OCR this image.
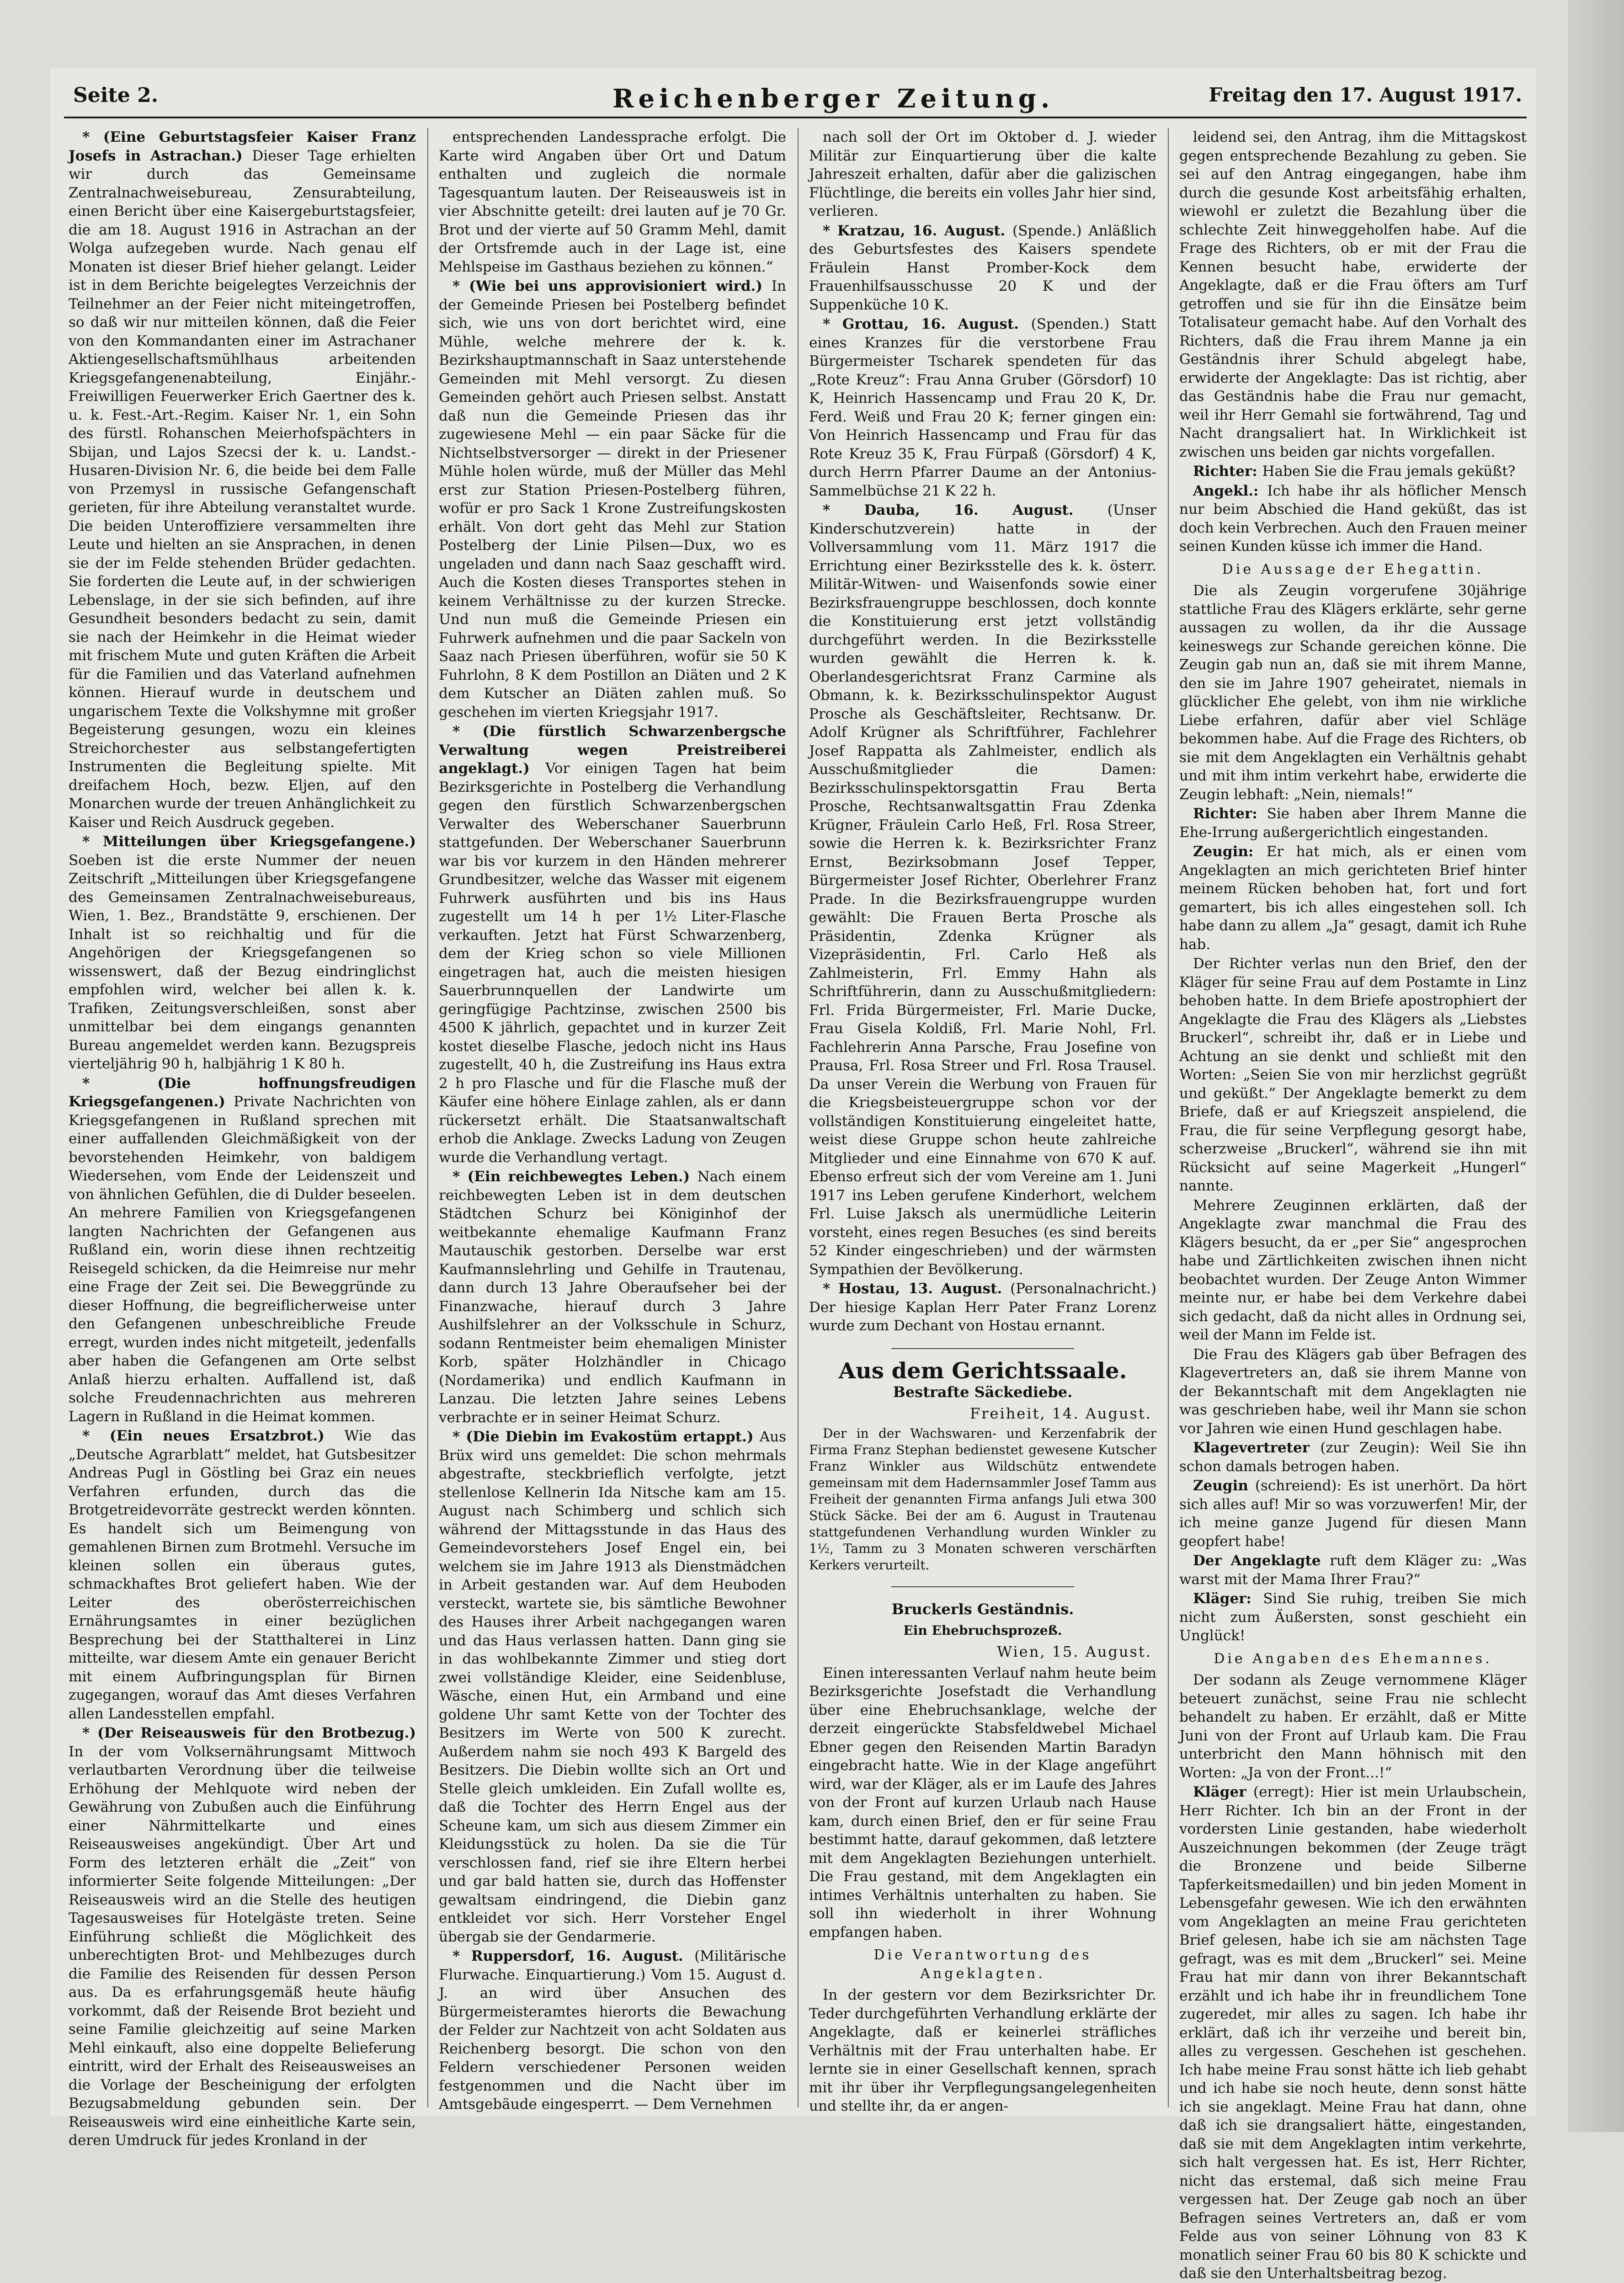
Seite 2.	Reichenberger Zeitung.	Freitag den 17. August 1917.

* (Eine Geburtstagsfeier Kaiser Franz Josefs in Astrachan.) Dieser Tage erhielten wir durch das Gemeinsame Zentralnachweisebureau, Zensurabteilung, einen Bericht über eine Kaisergeburtstagsfeier, die am 18. August 1916 in Astrachan an der Wolga aufzegeben wurde. Nach genau elf Monaten ist dieser Brief hieher gelangt. Leider ist in dem Berichte beigelegtes Verzeichnis der Teilnehmer an der Feier nicht miteingetroffen, so daß wir nur mitteilen können, daß die Feier von den Kommandanten einer im Astrachaner Aktiengesellschaftsmühlhaus arbeitenden Kriegsgefangenenabteilung, Einjähr.-Freiwilligen Feuerwerker Erich Gaertner des k. u. k. Fest.-Art.-Regim. Kaiser Nr. 1, ein Sohn des fürstl. Rohanschen Meierhofspächters in Sbijan, und Lajos Szecsi der k. u. Landst.-Husaren-Division Nr. 6, die beide bei dem Falle von Przemysl in russische Gefangenschaft gerieten, für ihre Abteilung veranstaltet wurde. Die beiden Unteroffiziere versammelten ihre Leute und hielten an sie Ansprachen, in denen sie der im Felde stehenden Brüder gedachten. Sie forderten die Leute auf, in der schwierigen Lebenslage, in der sie sich befinden, auf ihre Gesundheit besonders bedacht zu sein, damit sie nach der Heimkehr in die Heimat wieder mit frischem Mute und guten Kräften die Arbeit für die Familien und das Vaterland aufnehmen können. Hierauf wurde in deutschem und ungarischem Texte die Volkshymne mit großer Begeisterung gesungen, wozu ein kleines Streichorchester aus selbstangefertigten Instrumenten die Begleitung spielte. Mit dreifachem Hoch, bezw. Eljen, auf den Monarchen wurde der treuen Anhänglichkeit zu Kaiser und Reich Ausdruck gegeben.

* Mitteilungen über Kriegsgefangene.) Soeben ist die erste Nummer der neuen Zeitschrift „Mitteilungen über Kriegsgefangene des Gemeinsamen Zentralnachweisebureaus, Wien, 1. Bez., Brandstätte 9, erschienen. Der Inhalt ist so reichhaltig und für die Angehörigen der Kriegsgefangenen so wissenswert, daß der Bezug eindringlichst empfohlen wird, welcher bei allen k. k. Trafiken, Zeitungsverschleißen, sonst aber unmittelbar bei dem eingangs genannten Bureau angemeldet werden kann. Bezugspreis vierteljährig 90 h, halbjährig 1 K 80 h.

* (Die hoffnungsfreudigen Kriegsgefangenen.) Private Nachrichten von Kriegsgefangenen in Rußland sprechen mit einer auffallenden Gleichmäßigkeit von der bevorstehenden Heimkehr, von baldigem Wiedersehen, vom Ende der Leidenszeit und von ähnlichen Gefühlen, die di Dulder beseelen. An mehrere Familien von Kriegsgefangenen langten Nachrichten der Gefangenen aus Rußland ein, worin diese ihnen rechtzeitig Reisegeld schicken, da die Heimreise nur mehr eine Frage der Zeit sei. Die Beweggründe zu dieser Hoffnung, die begreiflicherweise unter den Gefangenen unbeschreibliche Freude erregt, wurden indes nicht mitgeteilt, jedenfalls aber haben die Gefangenen am Orte selbst Anlaß hierzu erhalten. Auffallend ist, daß solche Freudennachrichten aus mehreren Lagern in Rußland in die Heimat kommen.

* (Ein neues Ersatzbrot.) Wie das „Deutsche Agrarblatt“ meldet, hat Gutsbesitzer Andreas Pugl in Göstling bei Graz ein neues Verfahren erfunden, durch das die Brotgetreidevorräte gestreckt werden könnten. Es handelt sich um Beimengung von gemahlenen Birnen zum Brotmehl. Versuche im kleinen sollen ein überaus gutes, schmackhaftes Brot geliefert haben. Wie der Leiter des oberösterreichischen Ernährungsamtes in einer bezüglichen Besprechung bei der Statthalterei in Linz mitteilte, war diesem Amte ein genauer Bericht mit einem Aufbringungsplan für Birnen zugegangen, worauf das Amt dieses Verfahren allen Landesstellen empfahl.

* (Der Reiseausweis für den Brotbezug.) In der vom Volksernährungsamt Mittwoch verlautbarten Verordnung über die teilweise Erhöhung der Mehlquote wird neben der Gewährung von Zubußen auch die Einführung einer Nährmittelkarte und eines Reiseausweises angekündigt. Über Art und Form des letzteren erhält die „Zeit“ von informierter Seite folgende Mitteilungen: „Der Reiseausweis wird an die Stelle des heutigen Tagesausweises für Hotelgäste treten. Seine Einführung schließt die Möglichkeit des unberechtigten Brot- und Mehlbezuges durch die Familie des Reisenden für dessen Person aus. Da es erfahrungsgemäß heute häufig vorkommt, daß der Reisende Brot bezieht und seine Familie gleichzeitig auf seine Marken Mehl einkauft, also eine doppelte Belieferung eintritt, wird der Erhalt des Reiseausweises an die Vorlage der Bescheinigung der erfolgten Bezugsabmeldung gebunden sein. Der Reiseausweis wird eine einheitliche Karte sein, deren Umdruck für jedes Kronland in der

entsprechenden Landessprache erfolgt. Die Karte wird Angaben über Ort und Datum enthalten und zugleich die normale Tagesquantum lauten. Der Reiseausweis ist in vier Abschnitte geteilt: drei lauten auf je 70 Gr. Brot und der vierte auf 50 Gramm Mehl, damit der Ortsfremde auch in der Lage ist, eine Mehlspeise im Gasthaus beziehen zu können.“

* (Wie bei uns approvisioniert wird.) In der Gemeinde Priesen bei Postelberg befindet sich, wie uns von dort berichtet wird, eine Mühle, welche mehrere der k. k. Bezirkshauptmannschaft in Saaz unterstehende Gemeinden mit Mehl versorgt. Zu diesen Gemeinden gehört auch Priesen selbst. Anstatt daß nun die Gemeinde Priesen das ihr zugewiesene Mehl — ein paar Säcke für die Nichtselbstversorger — direkt in der Priesener Mühle holen würde, muß der Müller das Mehl erst zur Station Priesen-Postelberg führen, wofür er pro Sack 1 Krone Zustreifungskosten erhält. Von dort geht das Mehl zur Station Postelberg der Linie Pilsen—Dux, wo es ungeladen und dann nach Saaz geschafft wird. Auch die Kosten dieses Transportes stehen in keinem Verhältnisse zu der kurzen Strecke. Und nun muß die Gemeinde Priesen ein Fuhrwerk aufnehmen und die paar Sackeln von Saaz nach Priesen überführen, wofür sie 50 K Fuhrlohn, 8 K dem Postillon an Diäten und 2 K dem Kutscher an Diäten zahlen muß. So geschehen im vierten Kriegsjahr 1917.

* (Die fürstlich Schwarzenbergsche Verwaltung wegen Preistreiberei angeklagt.) Vor einigen Tagen hat beim Bezirksgerichte in Postelberg die Verhandlung gegen den fürstlich Schwarzenbergschen Verwalter des Weberschaner Sauerbrunn stattgefunden. Der Weberschaner Sauerbrunn war bis vor kurzem in den Händen mehrerer Grundbesitzer, welche das Wasser mit eigenem Fuhrwerk ausführten und bis ins Haus zugestellt um 14 h per 1½ Liter-Flasche verkauften. Jetzt hat Fürst Schwarzenberg, dem der Krieg schon so viele Millionen eingetragen hat, auch die meisten hiesigen Sauerbrunnquellen der Landwirte um geringfügige Pachtzinse, zwischen 2500 bis 4500 K jährlich, gepachtet und in kurzer Zeit kostet dieselbe Flasche, jedoch nicht ins Haus zugestellt, 40 h, die Zustreifung ins Haus extra 2 h pro Flasche und für die Flasche muß der Käufer eine höhere Einlage zahlen, als er dann rückersetzt erhält. Die Staatsanwaltschaft erhob die Anklage. Zwecks Ladung von Zeugen wurde die Verhandlung vertagt.

* (Ein reichbewegtes Leben.) Nach einem reichbewegten Leben ist in dem deutschen Städtchen Schurz bei Königinhof der weitbekannte ehemalige Kaufmann Franz Mautauschik gestorben. Derselbe war erst Kaufmannslehrling und Gehilfe in Trautenau, dann durch 13 Jahre Oberaufseher bei der Finanzwache, hierauf durch 3 Jahre Aushilfslehrer an der Volksschule in Schurz, sodann Rentmeister beim ehemaligen Minister Korb, später Holzhändler in Chicago (Nordamerika) und endlich Kaufmann in Lanzau. Die letzten Jahre seines Lebens verbrachte er in seiner Heimat Schurz.

* (Die Diebin im Evakostüm ertappt.) Aus Brüx wird uns gemeldet: Die schon mehrmals abgestrafte, steckbrieflich verfolgte, jetzt stellenlose Kellnerin Ida Nitsche kam am 15. August nach Schimberg und schlich sich während der Mittagsstunde in das Haus des Gemeindevorstehers Josef Engel ein, bei welchem sie im Jahre 1913 als Dienstmädchen in Arbeit gestanden war. Auf dem Heuboden versteckt, wartete sie, bis sämtliche Bewohner des Hauses ihrer Arbeit nachgegangen waren und das Haus verlassen hatten. Dann ging sie in das wohlbekannte Zimmer und stieg dort zwei vollständige Kleider, eine Seidenbluse, Wäsche, einen Hut, ein Armband und eine goldene Uhr samt Kette von der Tochter des Besitzers im Werte von 500 K zurecht. Außerdem nahm sie noch 493 K Bargeld des Besitzers. Die Diebin wollte sich an Ort und Stelle gleich umkleiden. Ein Zufall wollte es, daß die Tochter des Herrn Engel aus der Scheune kam, um sich aus diesem Zimmer ein Kleidungsstück zu holen. Da sie die Tür verschlossen fand, rief sie ihre Eltern herbei und gar bald hatten sie, durch das Hoffenster gewaltsam eindringend, die Diebin ganz entkleidet vor sich. Herr Vorsteher Engel übergab sie der Gendarmerie.

* Ruppersdorf, 16. August. (Militärische Flurwache. Einquartierung.) Vom 15. August d. J. an wird über Ansuchen des Bürgermeisteramtes hierorts die Bewachung der Felder zur Nachtzeit von acht Soldaten aus Reichenberg besorgt. Die schon von den Feldern verschiedener Personen weiden festgenommen und die Nacht über im Amtsgebäude eingesperrt. — Dem Vernehmen

nach soll der Ort im Oktober d. J. wieder Militär zur Einquartierung über die kalte Jahreszeit erhalten, dafür aber die galizischen Flüchtlinge, die bereits ein volles Jahr hier sind, verlieren.

* Kratzau, 16. August. (Spende.) Anläßlich des Geburtsfestes des Kaisers spendete Fräulein Hanst Promber-Kock dem Frauenhilfsausschusse 20 K und der Suppenküche 10 K.

* Grottau, 16. August. (Spenden.) Statt eines Kranzes für die verstorbene Frau Bürgermeister Tscharek spendeten für das „Rote Kreuz“: Frau Anna Gruber (Görsdorf) 10 K, Heinrich Hassencamp und Frau 20 K, Dr. Ferd. Weiß und Frau 20 K; ferner gingen ein: Von Heinrich Hassencamp und Frau für das Rote Kreuz 35 K, Frau Fürpaß (Görsdorf) 4 K, durch Herrn Pfarrer Daume an der Antonius-Sammelbüchse 21 K 22 h.

* Dauba, 16. August. (Unser Kinderschutzverein) hatte in der Vollversammlung vom 11. März 1917 die Errichtung einer Bezirksstelle des k. k. österr. Militär-Witwen- und Waisenfonds sowie einer Bezirksfrauengruppe beschlossen, doch konnte die Konstituierung erst jetzt vollständig durchgeführt werden. In die Bezirksstelle wurden gewählt die Herren k. k. Oberlandesgerichtsrat Franz Carmine als Obmann, k. k. Bezirksschulinspektor August Prosche als Geschäftsleiter, Rechtsanw. Dr. Adolf Krügner als Schriftführer, Fachlehrer Josef Rappatta als Zahlmeister, endlich als Ausschußmitglieder die Damen: Bezirksschulinspektorsgattin Frau Berta Prosche, Rechtsanwaltsgattin Frau Zdenka Krügner, Fräulein Carlo Heß, Frl. Rosa Streer, sowie die Herren k. k. Bezirksrichter Franz Ernst, Bezirksobmann Josef Tepper, Bürgermeister Josef Richter, Oberlehrer Franz Prade. In die Bezirksfrauengruppe wurden gewählt: Die Frauen Berta Prosche als Präsidentin, Zdenka Krügner als Vizepräsidentin, Frl. Carlo Heß als Zahlmeisterin, Frl. Emmy Hahn als Schriftführerin, dann zu Ausschußmitgliedern: Frl. Frida Bürgermeister, Frl. Marie Ducke, Frau Gisela Koldiß, Frl. Marie Nohl, Frl. Fachlehrerin Anna Parsche, Frau Josefine von Prausa, Frl. Rosa Streer und Frl. Rosa Trausel. Da unser Verein die Werbung von Frauen für die Kriegsbeisteuergruppe schon vor der vollständigen Konstituierung eingeleitet hatte, weist diese Gruppe schon heute zahlreiche Mitglieder und eine Einnahme von 670 K auf. Ebenso erfreut sich der vom Vereine am 1. Juni 1917 ins Leben gerufene Kinderhort, welchem Frl. Luise Jaksch als unermüdliche Leiterin vorsteht, eines regen Besuches (es sind bereits 52 Kinder eingeschrieben) und der wärmsten Sympathien der Bevölkerung.

* Hostau, 13. August. (Personalnachricht.) Der hiesige Kaplan Herr Pater Franz Lorenz wurde zum Dechant von Hostau ernannt.

Aus dem Gerichtssaale.
Bestrafte Säckediebe.
Freiheit, 14. August.

Der in der Wachswaren- und Kerzenfabrik der Firma Franz Stephan bedienstet gewesene Kutscher Franz Winkler aus Wildschütz entwendete gemeinsam mit dem Hadernsammler Josef Tamm aus Freiheit der genannten Firma anfangs Juli etwa 300 Stück Säcke. Bei der am 6. August in Trautenau stattgefundenen Verhandlung wurden Winkler zu 1½, Tamm zu 3 Monaten schweren verschärften Kerkers verurteilt.

Bruckerls Geständnis.
Ein Ehebruchsprozeß.
Wien, 15. August.

Einen interessanten Verlauf nahm heute beim Bezirksgerichte Josefstadt die Verhandlung über eine Ehebruchsanklage, welche der derzeit eingerückte Stabsfeldwebel Michael Ebner gegen den Reisenden Martin Baradyn eingebracht hatte. Wie in der Klage angeführt wird, war der Kläger, als er im Laufe des Jahres von der Front auf kurzen Urlaub nach Hause kam, durch einen Brief, den er für seine Frau bestimmt hatte, darauf gekommen, daß letztere mit dem Angeklagten Beziehungen unterhielt. Die Frau gestand, mit dem Angeklagten ein intimes Verhältnis unterhalten zu haben. Sie soll ihn wiederholt in ihrer Wohnung empfangen haben.

Die Verantwortung des Angeklagten.

In der gestern vor dem Bezirksrichter Dr. Teder durchgeführten Verhandlung erklärte der Angeklagte, daß er keinerlei sträfliches Verhältnis mit der Frau unterhalten habe. Er lernte sie in einer Gesellschaft kennen, sprach mit ihr über ihr Verpflegungsangelegenheiten und stellte ihr, da er angen-

leidend sei, den Antrag, ihm die Mittagskost gegen entsprechende Bezahlung zu geben. Sie sei auf den Antrag eingegangen, habe ihm durch die gesunde Kost arbeitsfähig erhalten, wiewohl er zuletzt die Bezahlung über die schlechte Zeit hinweggeholfen habe. Auf die Frage des Richters, ob er mit der Frau die Kennen besucht habe, erwiderte der Angeklagte, daß er die Frau öfters am Turf getroffen und sie für ihn die Einsätze beim Totalisateur gemacht habe. Auf den Vorhalt des Richters, daß die Frau ihrem Manne ja ein Geständnis ihrer Schuld abgelegt habe, erwiderte der Angeklagte: Das ist richtig, aber das Geständnis habe die Frau nur gemacht, weil ihr Herr Gemahl sie fortwährend, Tag und Nacht drangsaliert hat. In Wirklichkeit ist zwischen uns beiden gar nichts vorgefallen.

Richter: Haben Sie die Frau jemals geküßt?

Angekl.: Ich habe ihr als höflicher Mensch nur beim Abschied die Hand geküßt, das ist doch kein Verbrechen. Auch den Frauen meiner seinen Kunden küsse ich immer die Hand.

Die Aussage der Ehegattin.

Die als Zeugin vorgerufene 30jährige stattliche Frau des Klägers erklärte, sehr gerne aussagen zu wollen, da ihr die Aussage keineswegs zur Schande gereichen könne. Die Zeugin gab nun an, daß sie mit ihrem Manne, den sie im Jahre 1907 geheiratet, niemals in glücklicher Ehe gelebt, von ihm nie wirkliche Liebe erfahren, dafür aber viel Schläge bekommen habe. Auf die Frage des Richters, ob sie mit dem Angeklagten ein Verhältnis gehabt und mit ihm intim verkehrt habe, erwiderte die Zeugin lebhaft: „Nein, niemals!“

Richter: Sie haben aber Ihrem Manne die Ehe-Irrung außergerichtlich eingestanden.

Zeugin: Er hat mich, als er einen vom Angeklagten an mich gerichteten Brief hinter meinem Rücken behoben hat, fort und fort gemartert, bis ich alles eingestehen soll. Ich habe dann zu allem „Ja“ gesagt, damit ich Ruhe hab.

Der Richter verlas nun den Brief, den der Kläger für seine Frau auf dem Postamte in Linz behoben hatte. In dem Briefe apostrophiert der Angeklagte die Frau des Klägers als „Liebstes Bruckerl“, schreibt ihr, daß er in Liebe und Achtung an sie denkt und schließt mit den Worten: „Seien Sie von mir herzlichst gegrüßt und geküßt.“ Der Angeklagte bemerkt zu dem Briefe, daß er auf Kriegszeit anspielend, die Frau, die für seine Verpflegung gesorgt habe, scherzweise „Bruckerl“, während sie ihn mit Rücksicht auf seine Magerkeit „Hungerl“ nannte.

Mehrere Zeuginnen erklärten, daß der Angeklagte zwar manchmal die Frau des Klägers besucht, da er „per Sie“ angesprochen habe und Zärtlichkeiten zwischen ihnen nicht beobachtet wurden. Der Zeuge Anton Wimmer meinte nur, er habe bei dem Verkehre dabei sich gedacht, daß da nicht alles in Ordnung sei, weil der Mann im Felde ist.

Die Frau des Klägers gab über Befragen des Klagevertreters an, daß sie ihrem Manne von der Bekanntschaft mit dem Angeklagten nie was geschrieben habe, weil ihr Mann sie schon vor Jahren wie einen Hund geschlagen habe.

Klagevertreter (zur Zeugin): Weil Sie ihn schon damals betrogen haben.

Zeugin (schreiend): Es ist unerhört. Da hört sich alles auf! Mir so was vorzuwerfen! Mir, der ich meine ganze Jugend für diesen Mann geopfert habe!

Der Angeklagte ruft dem Kläger zu: „Was warst mit der Mama Ihrer Frau?“

Kläger: Sind Sie ruhig, treiben Sie mich nicht zum Äußersten, sonst geschieht ein Unglück!

Die Angaben des Ehemannes.

Der sodann als Zeuge vernommene Kläger beteuert zunächst, seine Frau nie schlecht behandelt zu haben. Er erzählt, daß er Mitte Juni von der Front auf Urlaub kam. Die Frau unterbricht den Mann höhnisch mit den Worten: „Ja von der Front...!“

Kläger (erregt): Hier ist mein Urlaubschein, Herr Richter. Ich bin an der Front in der vordersten Linie gestanden, habe wiederholt Auszeichnungen bekommen (der Zeuge trägt die Bronzene und beide Silberne Tapferkeitsmedaillen) und bin jeden Moment in Lebensgefahr gewesen. Wie ich den erwähnten vom Angeklagten an meine Frau gerichteten Brief gelesen, habe ich sie am nächsten Tage gefragt, was es mit dem „Bruckerl“ sei. Meine Frau hat mir dann von ihrer Bekanntschaft erzählt und ich habe ihr in freundlichem Tone zugeredet, mir alles zu sagen. Ich habe ihr erklärt, daß ich ihr verzeihe und bereit bin, alles zu vergessen. Geschehen ist geschehen. Ich habe meine Frau sonst hätte ich lieb gehabt und ich habe sie noch heute, denn sonst hätte ich sie angeklagt. Meine Frau hat dann, ohne daß ich sie drangsaliert hätte, eingestanden, daß sie mit dem Angeklagten intim verkehrte, sich halt vergessen hat. Es ist, Herr Richter, nicht das erstemal, daß sich meine Frau vergessen hat. Der Zeuge gab noch an über Befragen seines Vertreters an, daß er vom Felde aus von seiner Löhnung von 83 K monatlich seiner Frau 60 bis 80 K schickte und daß sie den Unterhaltsbeitrag bezog.
